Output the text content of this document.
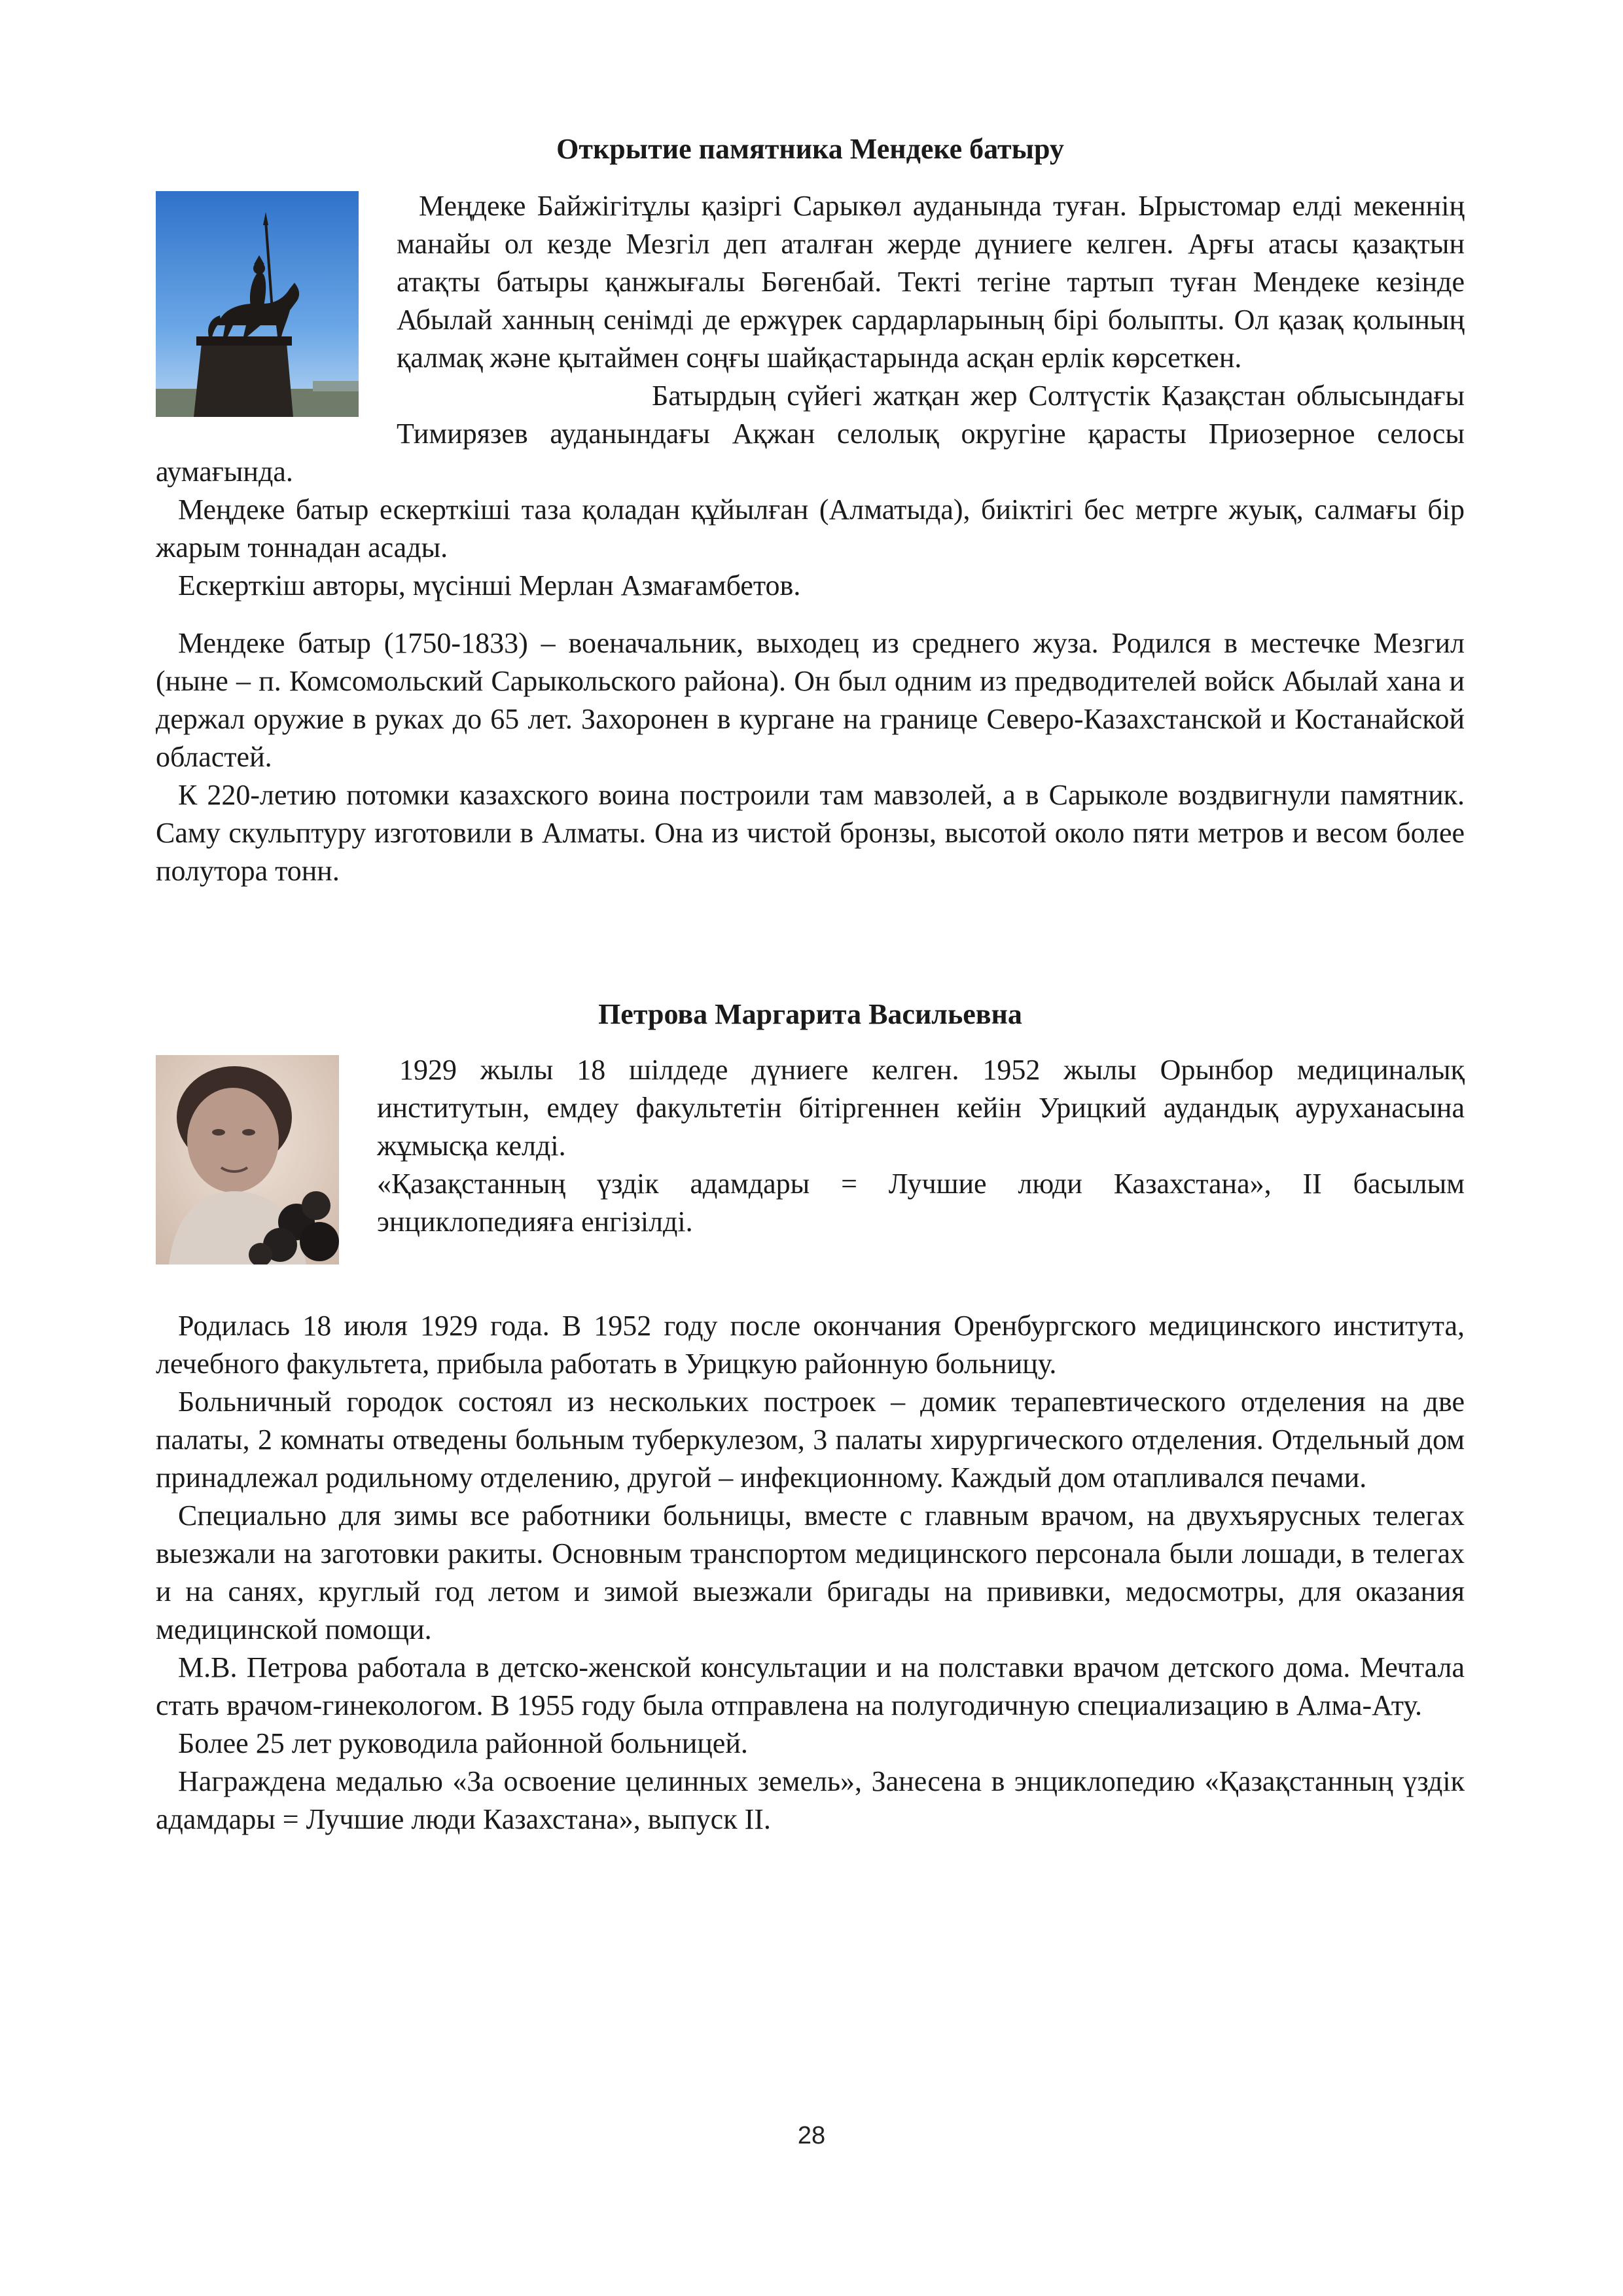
Открытие памятника Мендеке батыру

Меңдеке Байжігітұлы қазіргі Сарыкөл ауданында туған. Ырыстомар елді мекеннің манайы ол кезде Мезгіл деп аталған жерде дүниеге келген. Арғы атасы қазақтын атақты батыры қанжығалы Бөгенбай. Текті тегіне тартып туған Мендеке кезінде Абылай ханның сенімді де ержүрек сардарларының бірі болыпты. Ол қазақ қолының қалмақ және қытаймен соңғы шайқастарында асқан ерлік көрсеткен.

Батырдың сүйегі жатқан жер Солтүстік Қазақстан облысындағы Тимирязев ауданындағы Ақжан селолық округіне қарасты Приозерное селосы аумағында.

Меңдеке батыр ескерткіші таза қоладан құйылған (Алматыда), биіктігі бес метрге жуық, салмағы бір жарым тоннадан асады.

Ескерткіш авторы, мүсінші Мерлан Азмағамбетов.

Мендеке батыр (1750-1833) – военачальник, выходец из среднего жуза. Родился в местечке Мезгил (ныне – п. Комсомольский Сарыкольского района). Он был одним из предводителей войск Абылай хана и держал оружие в руках до 65 лет. Захоронен в кургане на границе Северо-Казахстанской и Костанайской областей.

К 220-летию потомки казахского воина построили там мавзолей, а в Сарыколе воздвигнули памятник. Саму скульптуру изготовили в Алматы. Она из чистой бронзы, высотой около пяти метров и весом более полутора тонн.

Петрова Маргарита Васильевна

1929 жылы 18 шілдеде дүниеге келген. 1952 жылы Орынбор медициналық институтын, емдеу факультетін бітіргеннен кейін Урицкий аудандық ауруханасына жұмысқа келді.

«Қазақстанның үздік адамдары = Лучшие люди Казахстана», II басылым энциклопедияға енгізілді.

Родилась 18 июля 1929 года. В 1952 году после окончания Оренбургского медицинского института, лечебного факультета, прибыла работать в Урицкую районную больницу.

Больничный городок состоял из нескольких построек – домик терапевтического отделения на две палаты, 2 комнаты отведены больным туберкулезом, 3 палаты хирургического отделения. Отдельный дом принадлежал родильному отделению, другой – инфекционному. Каждый дом отапливался печами.

Специально для зимы все работники больницы, вместе с главным врачом, на двухъярусных телегах выезжали на заготовки ракиты. Основным транспортом медицинского персонала были лошади, в телегах и на санях, круглый год летом и зимой выезжали бригады на прививки, медосмотры, для оказания медицинской помощи.

М.В. Петрова работала в детско-женской консультации и на полставки врачом детского дома. Мечтала стать врачом-гинекологом. В 1955 году была отправлена на полугодичную специализацию в Алма-Ату.

Более 25 лет руководила районной больницей.

Награждена медалью «За освоение целинных земель», Занесена в энциклопедию «Қазақстанның үздік адамдары = Лучшие люди Казахстана», выпуск II.

28
